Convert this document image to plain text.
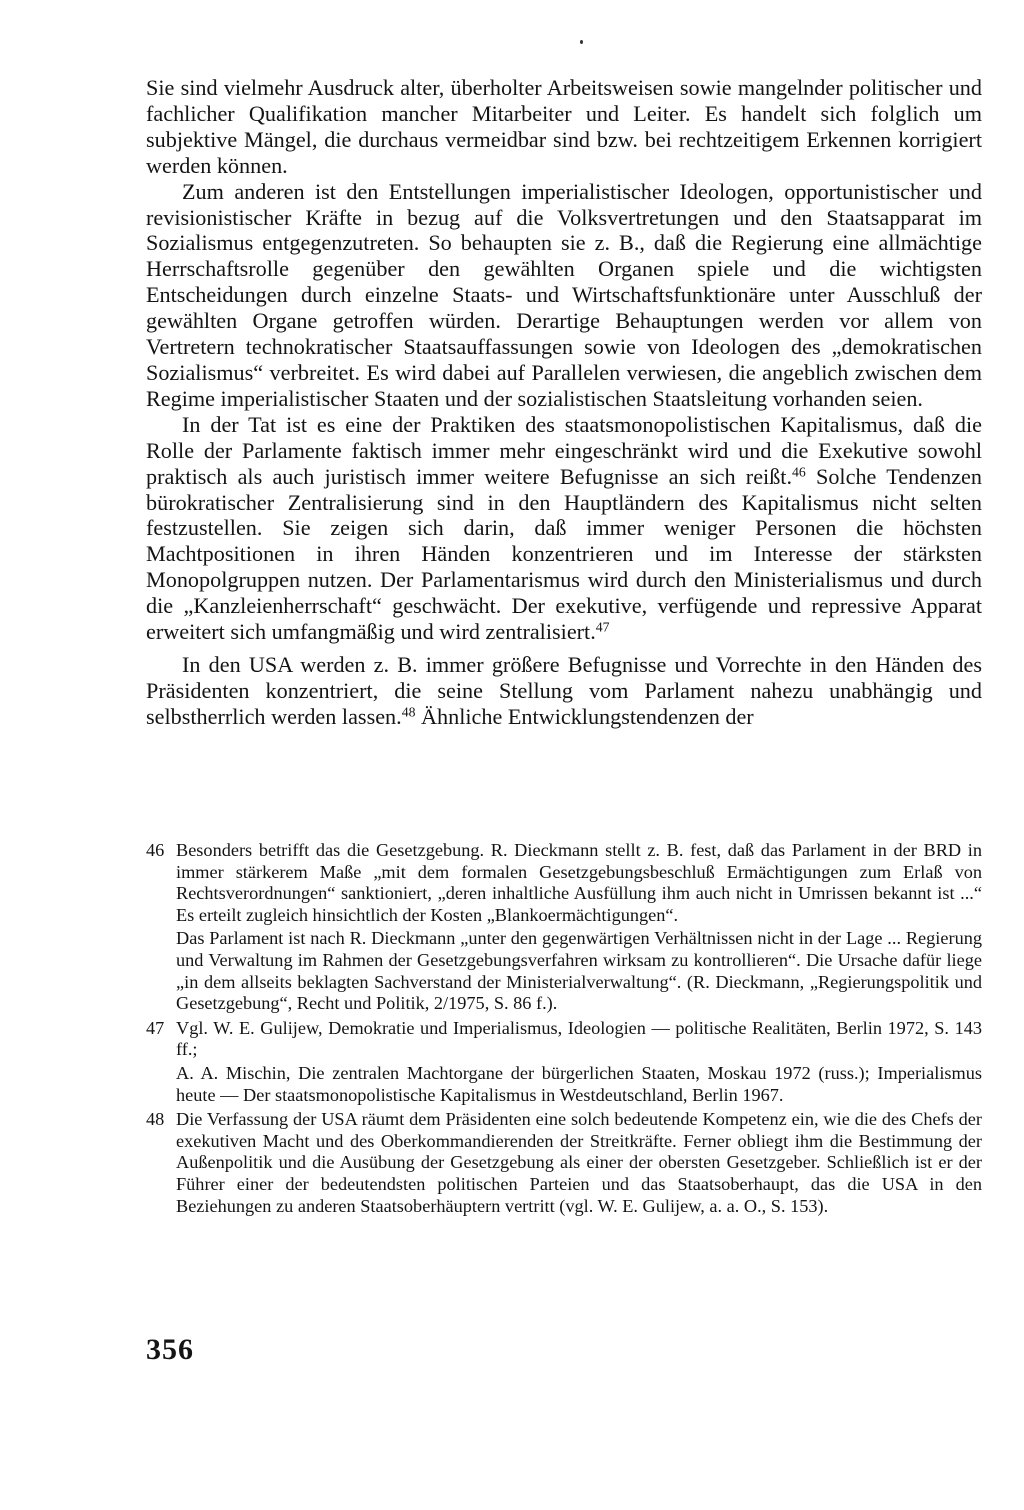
Sie sind vielmehr Ausdruck alter, überholter Arbeitsweisen sowie mangelnder politischer und fachlicher Qualifikation mancher Mitarbeiter und Leiter. Es handelt sich folglich um subjektive Mängel, die durchaus vermeidbar sind bzw. bei rechtzeitigem Erkennen korrigiert werden können.

Zum anderen ist den Entstellungen imperialistischer Ideologen, opportunistischer und revisionistischer Kräfte in bezug auf die Volksvertretungen und den Staatsapparat im Sozialismus entgegenzutreten. So behaupten sie z. B., daß die Regierung eine allmächtige Herrschaftsrolle gegenüber den gewählten Organen spiele und die wichtigsten Entscheidungen durch einzelne Staats- und Wirtschaftsfunktionäre unter Ausschluß der gewählten Organe getroffen würden. Derartige Behauptungen werden vor allem von Vertretern technokratischer Staatsauffassungen sowie von Ideologen des „demokratischen Sozialismus“ verbreitet. Es wird dabei auf Parallelen verwiesen, die angeblich zwischen dem Regime imperialistischer Staaten und der sozialistischen Staatsleitung vorhanden seien.

In der Tat ist es eine der Praktiken des staatsmonopolistischen Kapitalismus, daß die Rolle der Parlamente faktisch immer mehr eingeschränkt wird und die Exekutive sowohl praktisch als auch juristisch immer weitere Befugnisse an sich reißt.$^{46}$ Solche Tendenzen bürokratischer Zentralisierung sind in den Hauptländern des Kapitalismus nicht selten festzustellen. Sie zeigen sich darin, daß immer weniger Personen die höchsten Machtpositionen in ihren Händen konzentrieren und im Interesse der stärksten Monopolgruppen nutzen. Der Parlamentarismus wird durch den Ministerialismus und durch die „Kanzleienherrschaft“ geschwächt. Der exekutive, verfügende und repressive Apparat erweitert sich umfangmäßig und wird zentralisiert.$^{47}$

In den USA werden z. B. immer größere Befugnisse und Vorrechte in den Händen des Präsidenten konzentriert, die seine Stellung vom Parlament nahezu unabhängig und selbstherrlich werden lassen.$^{48}$ Ähnliche Entwicklungstendenzen der

46 Besonders betrifft das die Gesetzgebung. R. Dieckmann stellt z. B. fest, daß das Parlament in der BRD in immer stärkerem Maße „mit dem formalen Gesetzgebungsbeschluß Ermächtigungen zum Erlaß von Rechtsverordnungen“ sanktioniert, „deren inhaltliche Ausfüllung ihm auch nicht in Umrissen bekannt ist ...“ Es erteilt zugleich hinsichtlich der Kosten „Blankoermächtigungen“.

Das Parlament ist nach R. Dieckmann „unter den gegenwärtigen Verhältnissen nicht in der Lage ... Regierung und Verwaltung im Rahmen der Gesetzgebungsverfahren wirksam zu kontrollieren“. Die Ursache dafür liege „in dem allseits beklagten Sachverstand der Ministerialverwaltung“. (R. Dieckmann, „Regierungspolitik und Gesetzgebung“, Recht und Politik, 2/1975, S. 86 f.).

47 Vgl. W. E. Gulijew, Demokratie und Imperialismus, Ideologien — politische Realitäten, Berlin 1972, S. 143 ff.;

A. A. Mischin, Die zentralen Machtorgane der bürgerlichen Staaten, Moskau 1972 (russ.); Imperialismus heute — Der staatsmonopolistische Kapitalismus in Westdeutschland, Berlin 1967.

48 Die Verfassung der USA räumt dem Präsidenten eine solch bedeutende Kompetenz ein, wie die des Chefs der exekutiven Macht und des Oberkommandierenden der Streitkräfte. Ferner obliegt ihm die Bestimmung der Außenpolitik und die Ausübung der Gesetzgebung als einer der obersten Gesetzgeber. Schließlich ist er der Führer einer der bedeutendsten politischen Parteien und das Staatsoberhaupt, das die USA in den Beziehungen zu anderen Staatsoberhäuptern vertritt (vgl. W. E. Gulijew, a. a. O., S. 153).

356
